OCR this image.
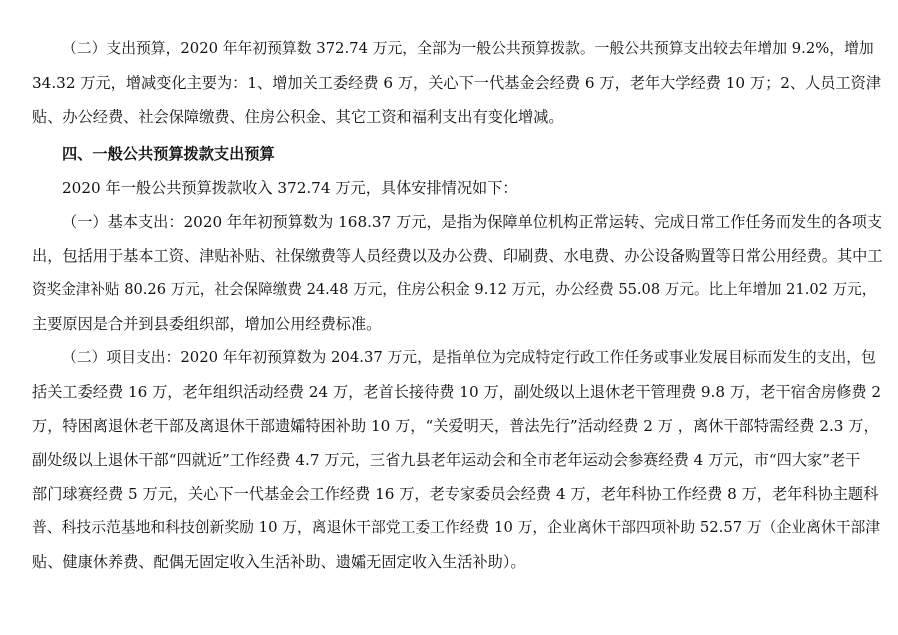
（二）支出预算，2020 年年初预算数 372.74 万元，全部为一般公共预算拨款。一般公共预算支出较去年增加 9.2%，增加
34.32 万元，增减变化主要为：1、增加关工委经费 6 万，关心下一代基金会经费 6 万，老年大学经费 10 万；2、人员工资津
贴、办公经费、社会保障缴费、住房公积金、其它工资和福利支出有变化增减。
四、一般公共预算拨款支出预算
2020 年一般公共预算拨款收入 372.74 万元，具体安排情况如下：
（一）基本支出：2020 年年初预算数为 168.37 万元，是指为保障单位机构正常运转、完成日常工作任务而发生的各项支
出，包括用于基本工资、津贴补贴、社保缴费等人员经费以及办公费、印刷费、水电费、办公设备购置等日常公用经费。其中工
资奖金津补贴 80.26 万元，社会保障缴费 24.48 万元，住房公积金 9.12 万元，办公经费 55.08 万元。比上年增加 21.02 万元，
主要原因是合并到县委组织部，增加公用经费标准。
（二）项目支出：2020 年年初预算数为 204.37 万元，是指单位为完成特定行政工作任务或事业发展目标而发生的支出，包
括关工委经费 16 万，老年组织活动经费 24 万，老首长接待费 10 万，副处级以上退休老干管理费 9.8 万，老干宿舍房修费 2
万，特困离退休老干部及离退休干部遗孀特困补助 10 万，“关爱明天，普法先行”活动经费 2 万 ，离休干部特需经费 2.3 万，
副处级以上退休干部“四就近”工作经费 4.7 万元，三省九县老年运动会和全市老年运动会参赛经费 4 万元，市“四大家”老干
部门球赛经费 5 万元，关心下一代基金会工作经费 16 万，老专家委员会经费 4 万，老年科协工作经费 8 万，老年科协主题科
普、科技示范基地和科技创新奖励 10 万，离退休干部党工委工作经费 10 万，企业离休干部四项补助 52.57 万（企业离休干部津
贴、健康休养费、配偶无固定收入生活补助、遗孀无固定收入生活补助）。
